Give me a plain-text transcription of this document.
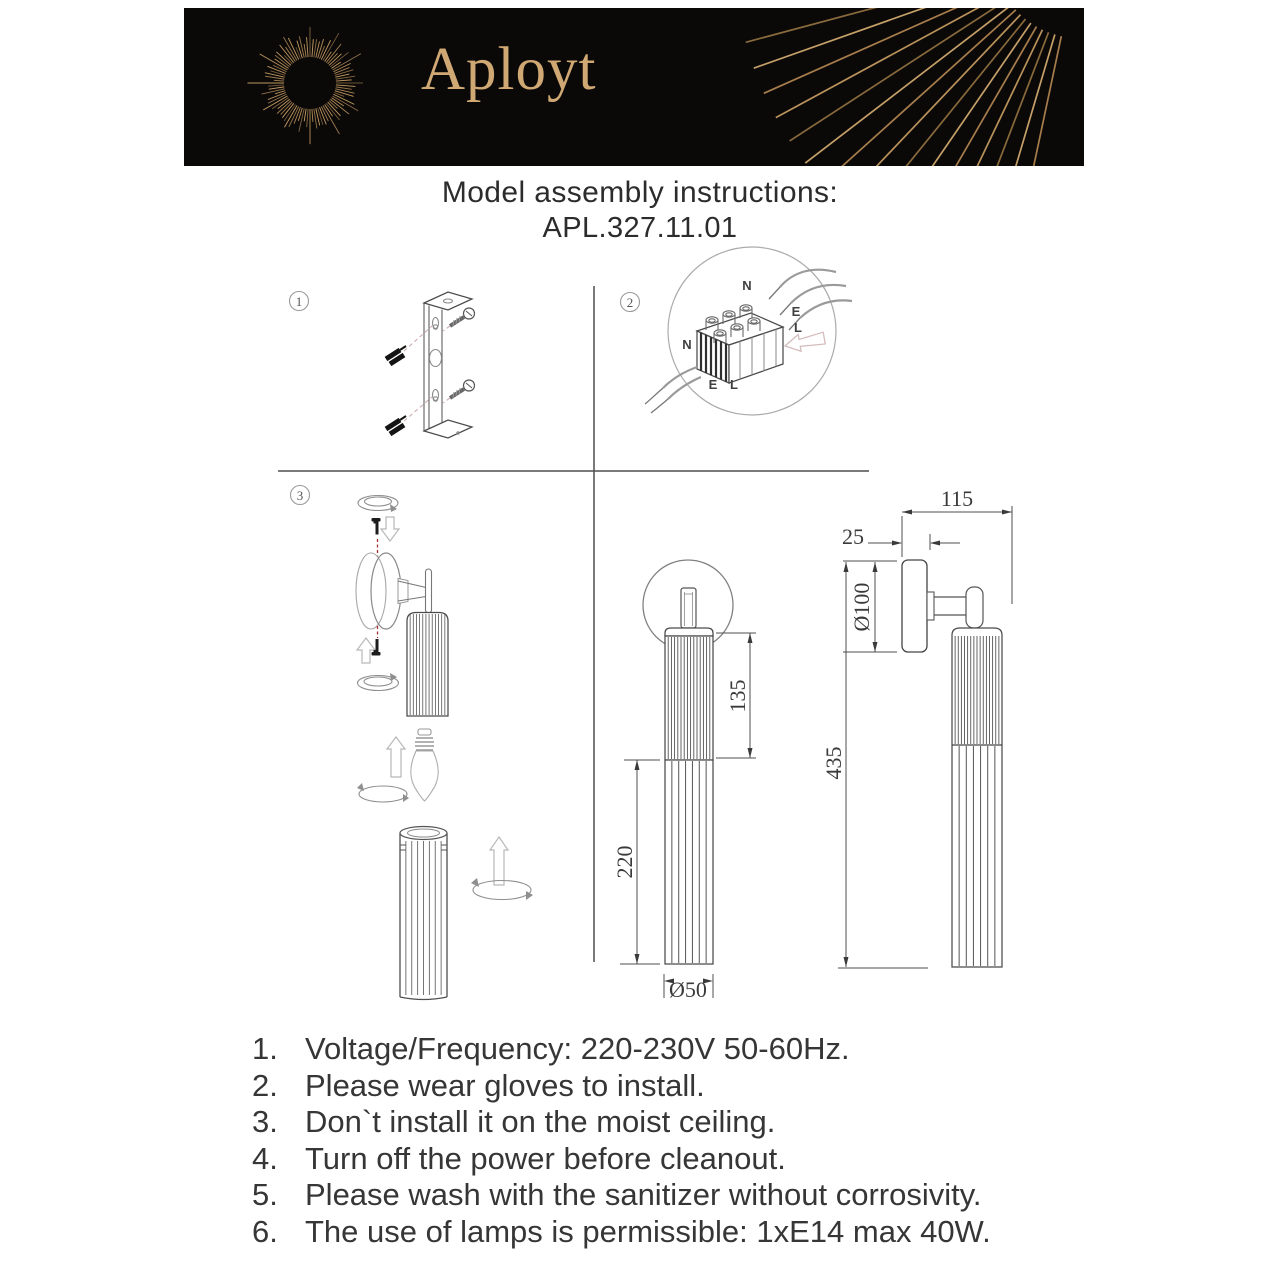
Aployt
Model assembly instructions:
APL.327.11.01
1	2
N
E
L
N
E L
3
135
220
Ø50
115
25
Ø100
435
1. Voltage/Frequency: 220-230V 50-60Hz.
2. Please wear gloves to install.
3. Don`t install it on the moist ceiling.
4. Turn off the power before cleanout.
5. Please wash with the sanitizer without corrosivity.
6. The use of lamps is permissible: 1xE14 max 40W.
